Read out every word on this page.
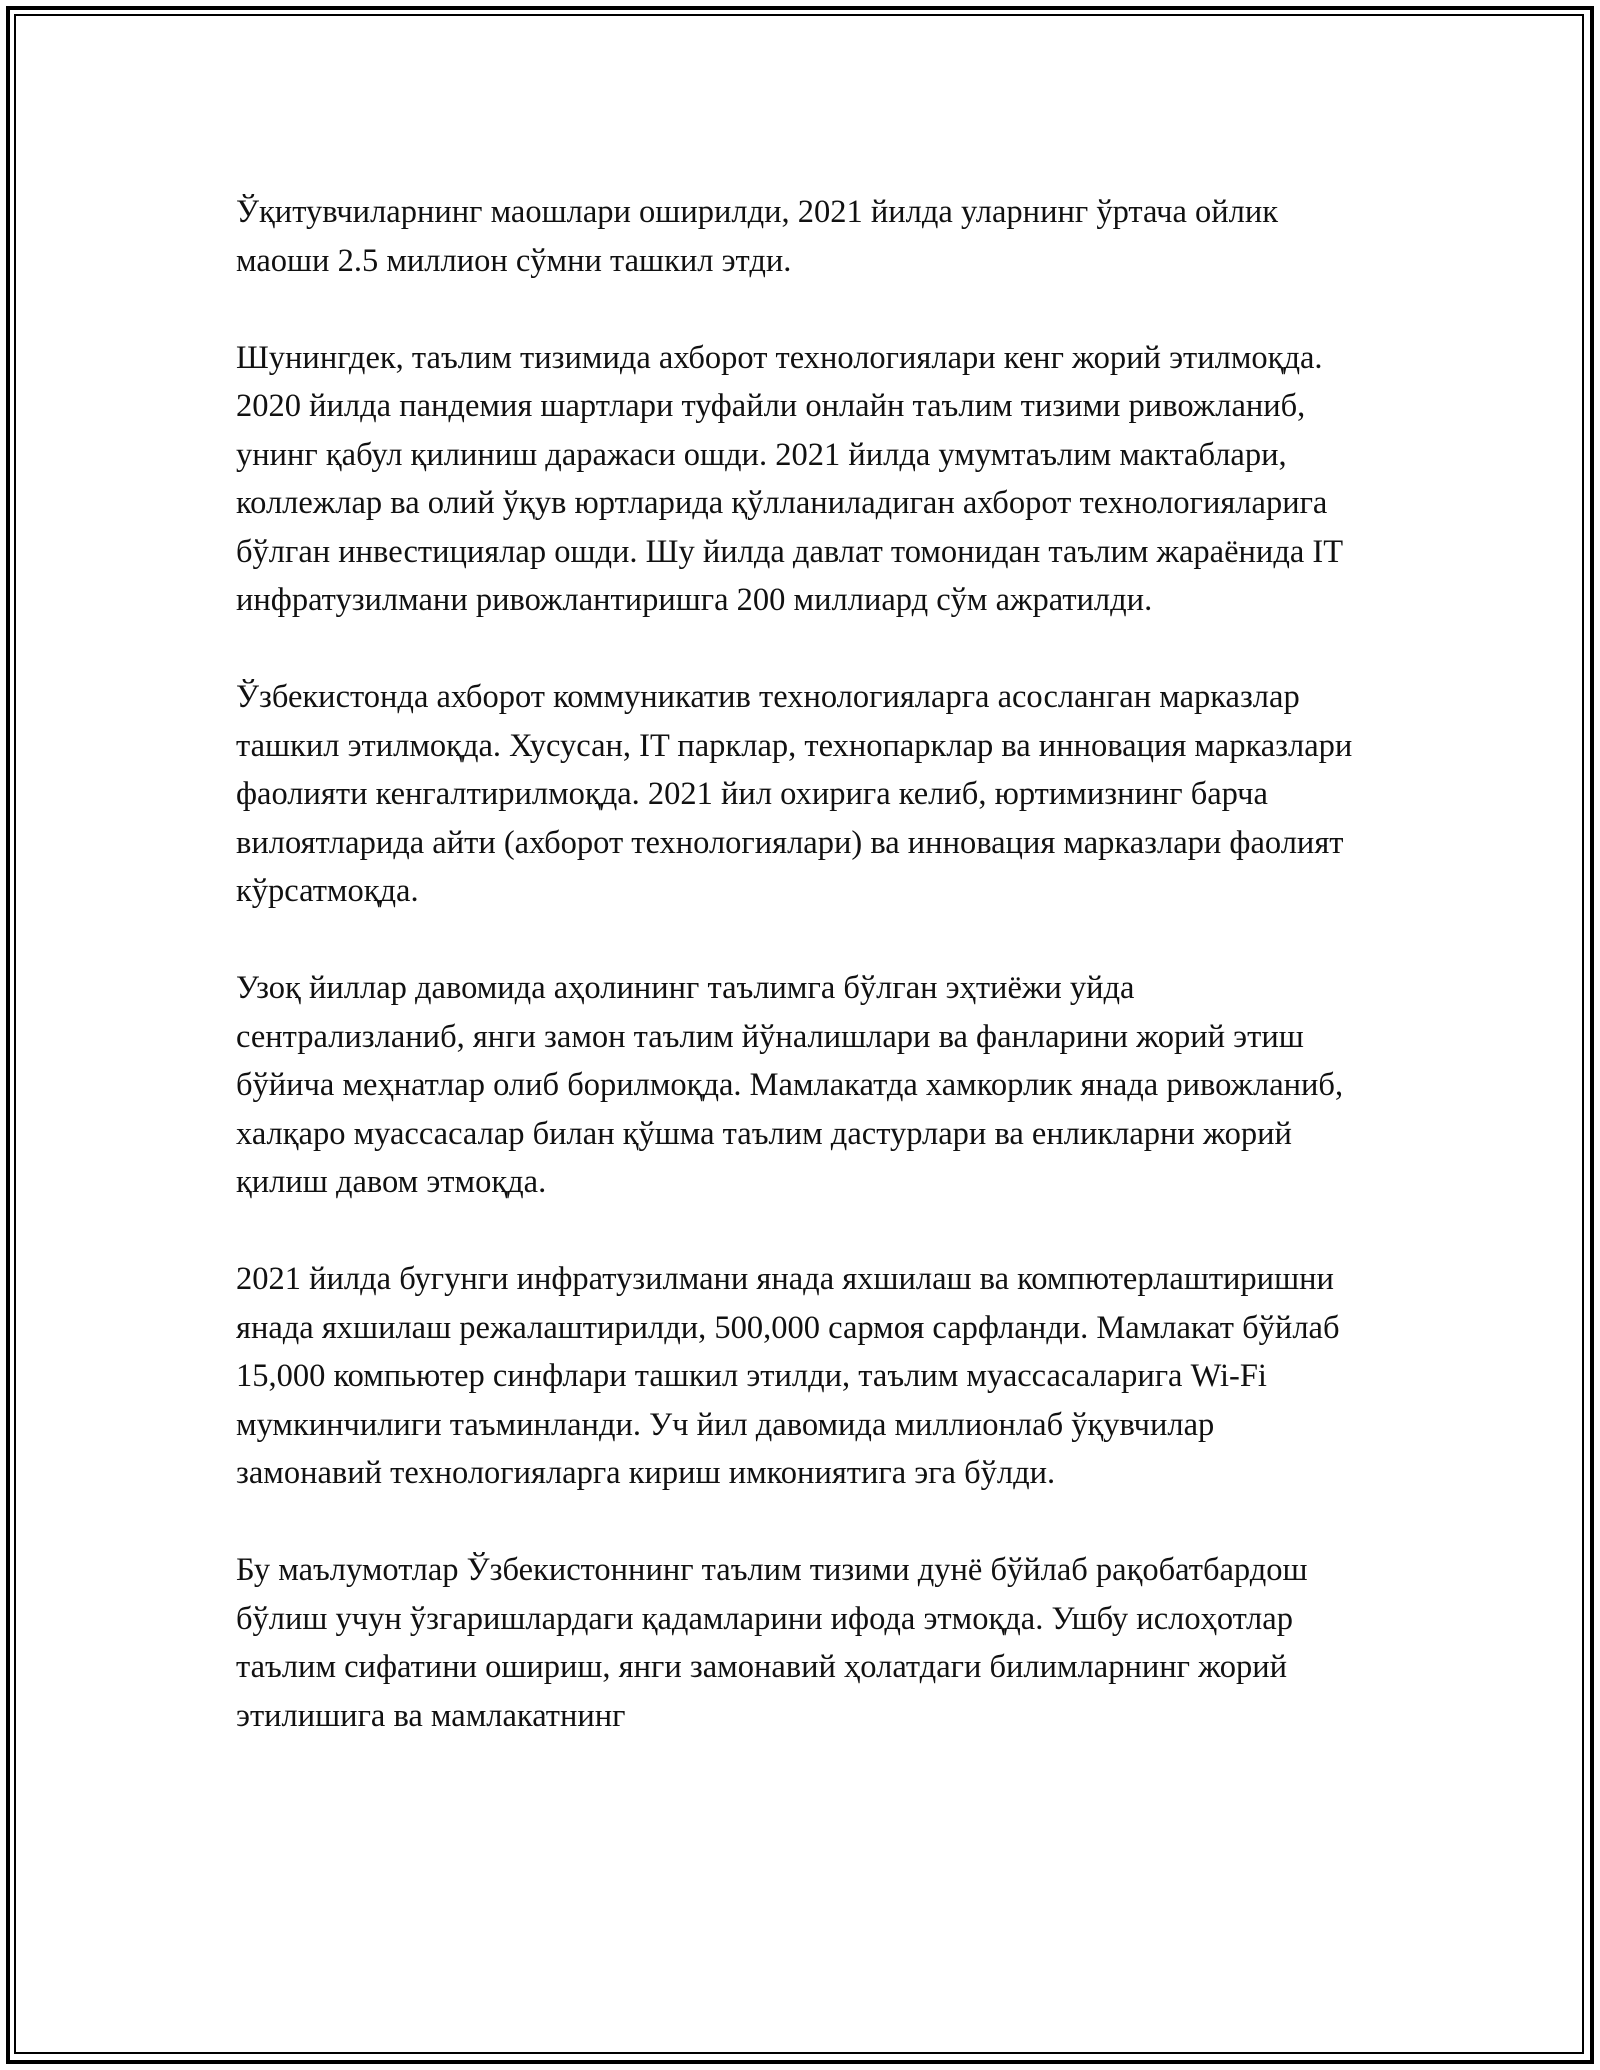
Ўқитувчиларнинг маошлари оширилди, 2021 йилда уларнинг ўртача ойлик маоши 2.5 миллион сўмни ташкил этди.

Шунингдек, таълим тизимида ахборот технологиялари кенг жорий этилмоқда. 2020 йилда пандемия шартлари туфайли онлайн таълим тизими ривожланиб, унинг қабул қилиниш даражаси ошди. 2021 йилда умумтаълим мактаблари, коллежлар ва олий ўқув юртларида қўлланиладиган ахборот технологияларига бўлган инвестициялар ошди. Шу йилда давлат томонидан таълим жараёнида IT инфратузилмани ривожлантиришга 200 миллиард сўм ажратилди.

Ўзбекистонда ахборот коммуникатив технологияларга асосланган марказлар ташкил этилмоқда. Хусусан, IT парклар, технопарклар ва инновация марказлари фаолияти кенгалтирилмоқда. 2021 йил охирига келиб, юртимизнинг барча вилоятларида айти (ахборот технологиялари) ва инновация марказлари фаолият кўрсатмоқда.

Узоқ йиллар давомида аҳолининг таълимга бўлган эҳтиёжи уйда сентрализланиб, янги замон таълим йўналишлари ва фанларини жорий этиш бўйича меҳнатлар олиб борилмоқда. Мамлакатда хамкорлик янада ривожланиб, халқаро муассасалар билан қўшма таълим дастурлари ва енликларни жорий қилиш давом этмоқда.

2021 йилда бугунги инфратузилмани янада яхшилаш ва компютерлаштиришни янада яхшилаш режалаштирилди, 500,000 сармоя сарфланди. Мамлакат бўйлаб 15,000 компьютер синфлари ташкил этилди, таълим муассасаларига Wi-Fi мумкинчилиги таъминланди. Уч йил давомида миллионлаб ўқувчилар замонавий технологияларга кириш имкониятига эга бўлди.

Бу маълумотлар Ўзбекистоннинг таълим тизими дунё бўйлаб рақобатбардош бўлиш учун ўзгаришлардаги қадамларини ифода этмоқда. Ушбу ислоҳотлар таълим сифатини ошириш, янги замонавий ҳолатдаги билимларнинг жорий этилишига ва мамлакатнинг
